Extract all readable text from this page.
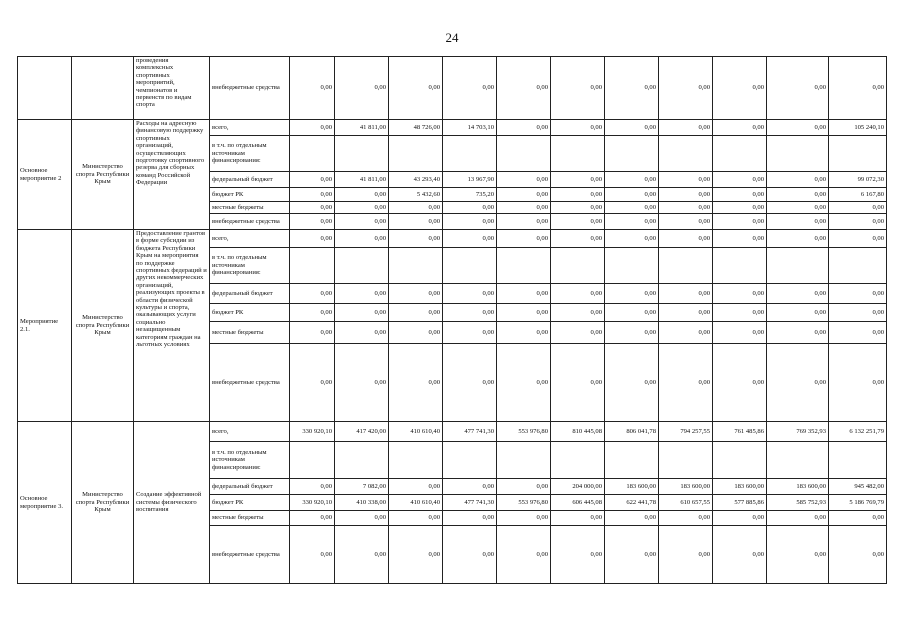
24
		проведения комплексных спортивных мероприятий, чемпионатов и первенств по видам спорта	внебюджетные средства	0,00	0,00	0,00	0,00	0,00	0,00	0,00	0,00	0,00	0,00	0,00
Основное мероприятие 2	Министерство спорта Республики Крым	Расходы на адресную финансовую поддержку спортивных организаций, осуществляющих подготовку спортивного резерва для сборных команд Российской Федерации	всего,	0,00	41 811,00	48 726,00	14 703,10	0,00	0,00	0,00	0,00	0,00	0,00	105 240,10
			в т.ч. по отдельным источникам финансирования:											
			федеральный бюджет	0,00	41 811,00	43 293,40	13 967,90	0,00	0,00	0,00	0,00	0,00	0,00	99 072,30
			бюджет РК	0,00	0,00	5 432,60	735,20	0,00	0,00	0,00	0,00	0,00	0,00	6 167,80
			местные бюджеты	0,00	0,00	0,00	0,00	0,00	0,00	0,00	0,00	0,00	0,00	0,00
			внебюджетные средства	0,00	0,00	0,00	0,00	0,00	0,00	0,00	0,00	0,00	0,00	0,00
Мероприятие 2.1.	Министерство спорта Республики Крым	Предоставление грантов в форме субсидии из бюджета Республики Крым на мероприятия по поддержке спортивных федераций и других некоммерческих организаций, реализующих проекты в области физической культуры и спорта, оказывающих услуги социально незащищенным категориям граждан на льготных условиях	всего,	0,00	0,00	0,00	0,00	0,00	0,00	0,00	0,00	0,00	0,00	0,00
			в т.ч. по отдельным источникам финансирования:											
			федеральный бюджет	0,00	0,00	0,00	0,00	0,00	0,00	0,00	0,00	0,00	0,00	0,00
			бюджет РК	0,00	0,00	0,00	0,00	0,00	0,00	0,00	0,00	0,00	0,00	0,00
			местные бюджеты	0,00	0,00	0,00	0,00	0,00	0,00	0,00	0,00	0,00	0,00	0,00
			внебюджетные средства	0,00	0,00	0,00	0,00	0,00	0,00	0,00	0,00	0,00	0,00	0,00
Основное мероприятие 3.	Министерство спорта Республики Крым	Создание эффективной системы физического воспитания	всего,	330 920,10	417 420,00	410 610,40	477 741,30	553 976,80	810 445,08	806 041,78	794 257,55	761 485,86	769 352,93	6 132 251,79
			в т.ч. по отдельным источникам финансирования:											
			федеральный бюджет	0,00	7 082,00	0,00	0,00	0,00	204 000,00	183 600,00	183 600,00	183 600,00	183 600,00	945 482,00
			бюджет РК	330 920,10	410 338,00	410 610,40	477 741,30	553 976,80	606 445,08	622 441,78	610 657,55	577 885,86	585 752,93	5 186 769,79
			местные бюджеты	0,00	0,00	0,00	0,00	0,00	0,00	0,00	0,00	0,00	0,00	0,00
			внебюджетные средства	0,00	0,00	0,00	0,00	0,00	0,00	0,00	0,00	0,00	0,00	0,00
